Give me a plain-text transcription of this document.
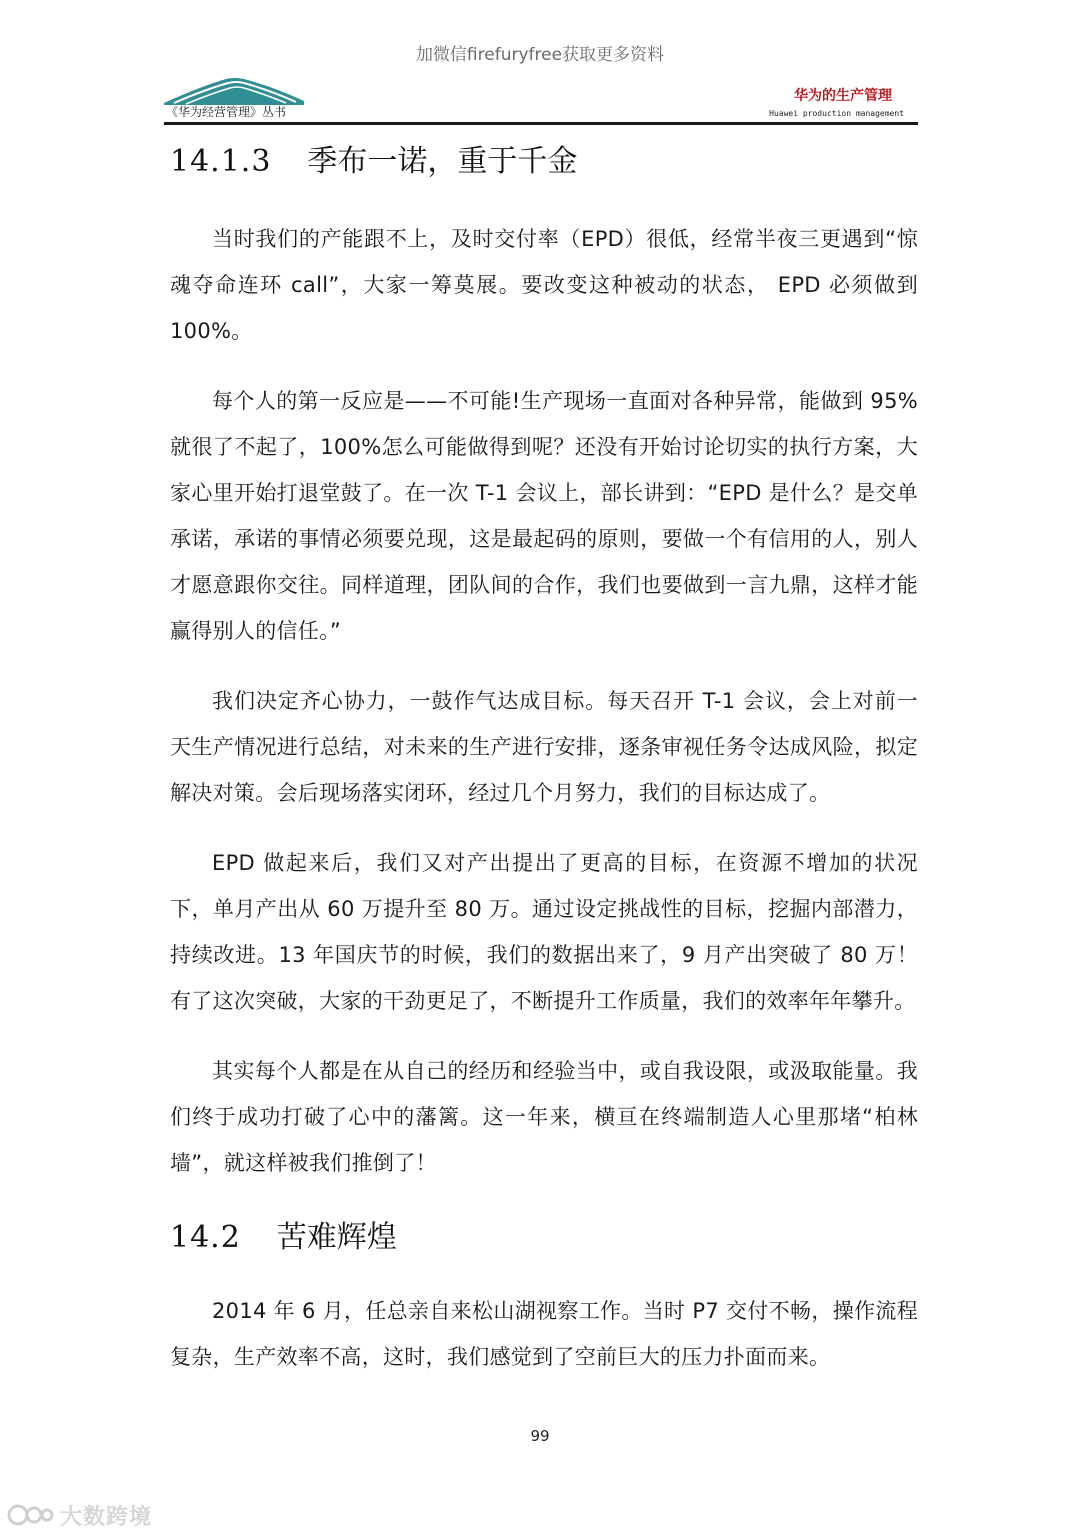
加微信firefuryfree获取更多资料
《华为经营管理》丛书
华为的生产管理
Huawei production management
14.1.3 季布一诺，重于千金

当时我们的产能跟不上，及时交付率（EPD）很低，经常半夜三更遇到“惊魂夺命连环 call”，大家一筹莫展。要改变这种被动的状态， EPD 必须做到 100%。

每个人的第一反应是——不可能!生产现场一直面对各种异常，能做到 95%就很了不起了，100%怎么可能做得到呢？还没有开始讨论切实的执行方案，大家心里开始打退堂鼓了。在一次 T-1 会议上，部长讲到：“EPD 是什么？是交单承诺，承诺的事情必须要兑现，这是最起码的原则，要做一个有信用的人，别人才愿意跟你交往。同样道理，团队间的合作，我们也要做到一言九鼎，这样才能赢得别人的信任。”

我们决定齐心协力，一鼓作气达成目标。每天召开 T-1 会议，会上对前一天生产情况进行总结，对未来的生产进行安排，逐条审视任务令达成风险，拟定解决对策。会后现场落实闭环，经过几个月努力，我们的目标达成了。

EPD 做起来后，我们又对产出提出了更高的目标，在资源不增加的状况下，单月产出从 60 万提升至 80 万。通过设定挑战性的目标，挖掘内部潜力，持续改进。13 年国庆节的时候，我们的数据出来了，9 月产出突破了 80 万！有了这次突破，大家的干劲更足了，不断提升工作质量，我们的效率年年攀升。

其实每个人都是在从自己的经历和经验当中，或自我设限，或汲取能量。我们终于成功打破了心中的藩篱。这一年来，横亘在终端制造人心里那堵“柏林墙”，就这样被我们推倒了！

14.2 苦难辉煌

2014 年 6 月，任总亲自来松山湖视察工作。当时 P7 交付不畅，操作流程复杂，生产效率不高，这时，我们感觉到了空前巨大的压力扑面而来。

99
大数跨境
